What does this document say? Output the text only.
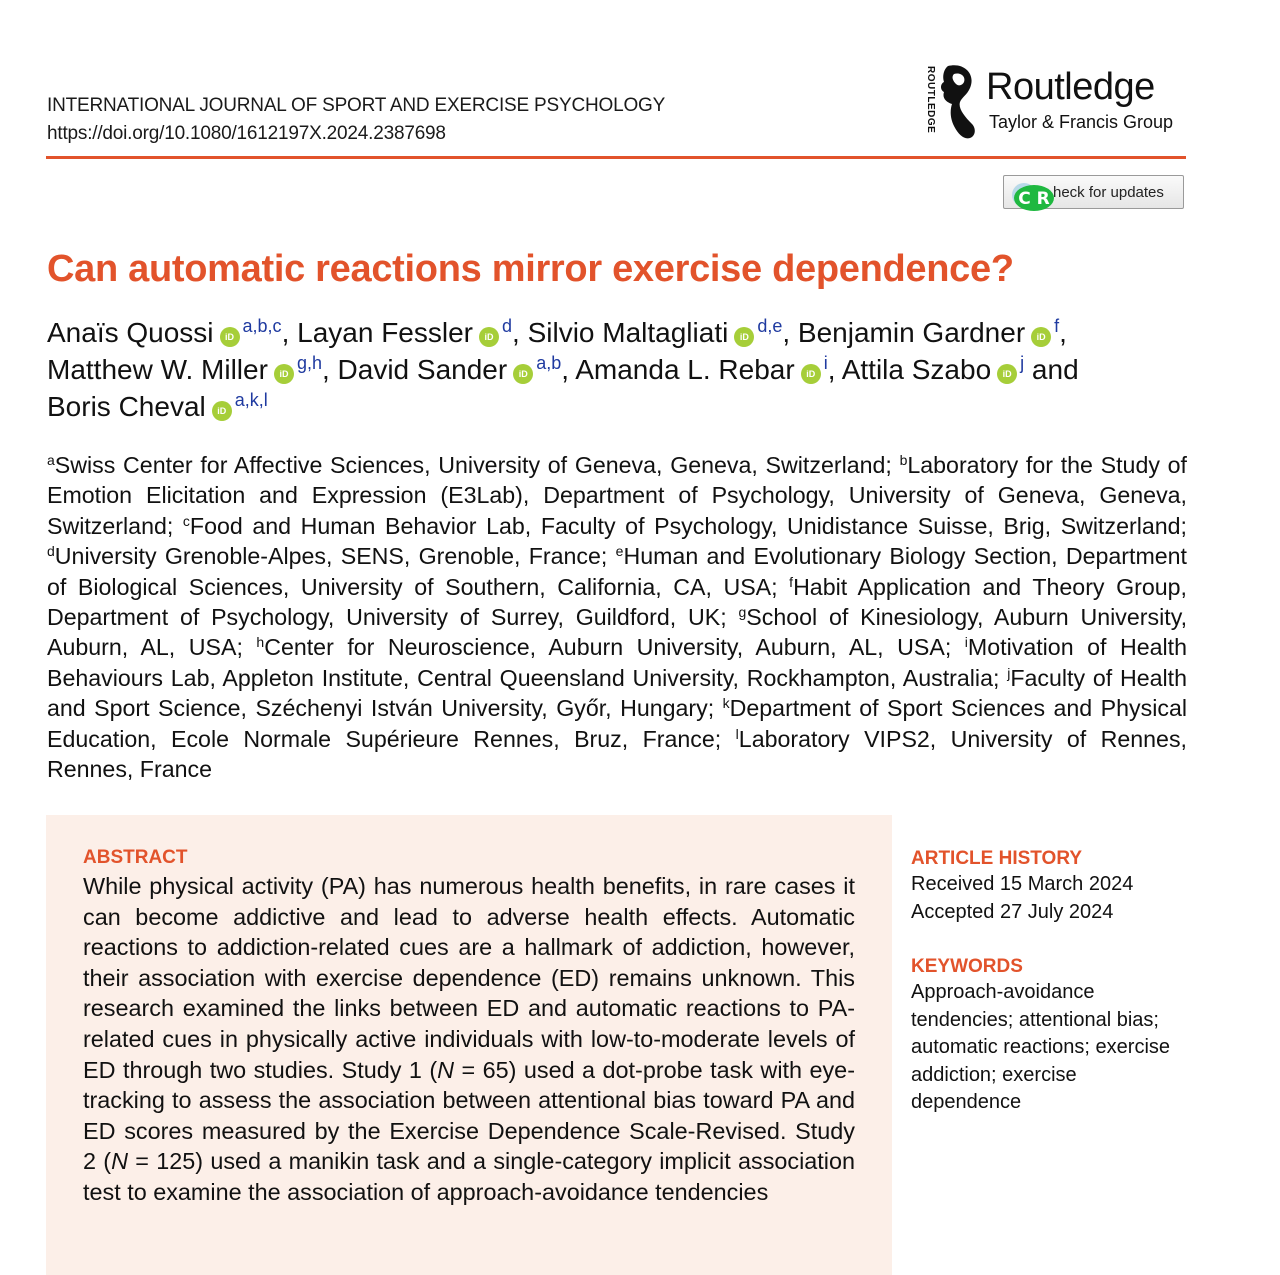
INTERNATIONAL JOURNAL OF SPORT AND EXERCISE PSYCHOLOGY
https://doi.org/10.1080/1612197X.2024.2387698
ROUTLEDGE Routledge
Taylor & Francis Group
C R heck for updates
Can automatic reactions mirror exercise dependence?
Anaïs Quossi iD$^{a,b,c}$, Layan Fessler $iD^d$, Silvio Maltagliati iD$^{d,e}$, Benjamin Gardner $iD^f$, Matthew W. Miller iD$^{g,h}$, David Sander iD$^{a,b}$, Amanda L. Rebar $iD^i$, Attila Szabo $iD^j$ and Boris Cheval iD$^{a,k,l}$
$^a$Swiss Center for Affective Sciences, University of Geneva, Geneva, Switzerland; $^b$Laboratory for the Study of Emotion Elicitation and Expression (E3Lab), Department of Psychology, University of Geneva, Geneva, Switzerland; $^c$Food and Human Behavior Lab, Faculty of Psychology, Unidistance Suisse, Brig, Switzerland; $^d$University Grenoble-Alpes, SENS, Grenoble, France; $^e$Human and Evolutionary Biology Section, Department of Biological Sciences, University of Southern, California, CA, USA; $^f$Habit Application and Theory Group, Department of Psychology, University of Surrey, Guildford, UK; $^g$School of Kinesiology, Auburn University, Auburn, AL, USA; $^h$Center for Neuroscience, Auburn University, Auburn, AL, USA; $^i$Motivation of Health Behaviours Lab, Appleton Institute, Central Queensland University, Rockhampton, Australia; $^j$Faculty of Health and Sport Science, Széchenyi István University, Győr, Hungary; $^k$Department of Sport Sciences and Physical Education, Ecole Normale Supérieure Rennes, Bruz, France; $^l$Laboratory VIPS2, University of Rennes, Rennes, France
ABSTRACT

While physical activity (PA) has numerous health benefits, in rare cases it can become addictive and lead to adverse health effects. Automatic reactions to addiction-related cues are a hallmark of addiction, however, their association with exercise dependence (ED) remains unknown. This research examined the links between ED and automatic reactions to PA-related cues in physically active individuals with low-to-moderate levels of ED through two studies. Study 1 (N = 65) used a dot-probe task with eye-tracking to assess the association between attentional bias toward PA and ED scores measured by the Exercise Dependence Scale-Revised. Study 2 (N = 125) used a manikin task and a single-category implicit association test to examine the association of approach-avoidance tendencies

ARTICLE HISTORY
Received 15 March 2024
Accepted 27 July 2024
KEYWORDS
Approach-avoidance tendencies; attentional bias; automatic reactions; exercise addiction; exercise dependence
